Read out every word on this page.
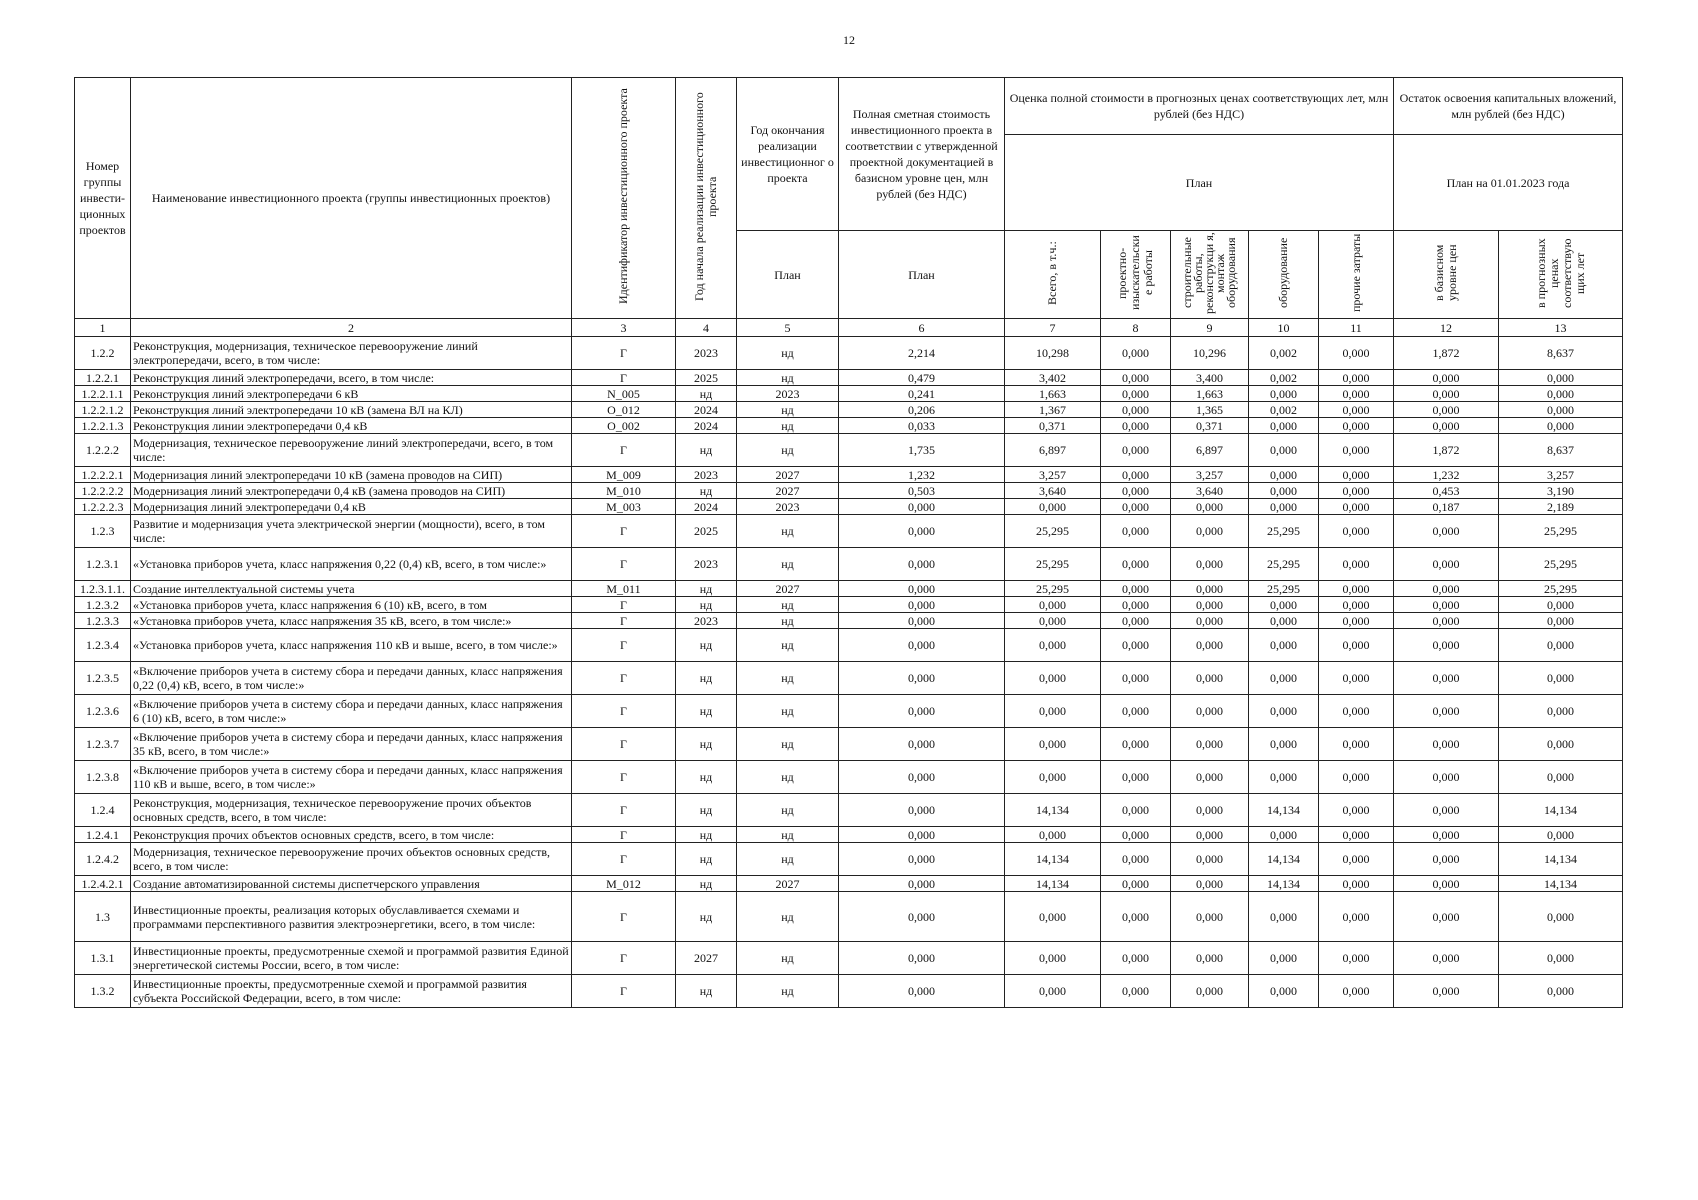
12
Номер группы инвести-ционных проектов	Наименование инвестиционного проекта (группы инвестиционных проектов)	Идентификатор инвестиционного проекта	Год начала реализации инвестиционного проекта	Год окончания реализации инвестиционног о проекта	Полная сметная стоимость инвестиционного проекта в соответствии с утвержденной проектной документацией в базисном уровне цен, млн рублей (без НДС)	Оценка полной стоимости в прогнозных ценах соответствующих лет, млн рублей (без НДС)					Остаток освоения капитальных вложений, млн рублей (без НДС)	
						План					План на 01.01.2023 года	
				План	План	Всего, в т.ч.:	проектно-изыскательски е работы	строительные работы, реконструкци я, монтаж оборудования	оборудование	прочие затраты	в базисном уровне цен	в прогнозных ценах соответствую щих лет
1	2	3	4	5	6	7	8	9	10	11	12	13
1.2.2	Реконструкция, модернизация, техническое перевооружение линий электропередачи, всего, в том числе:	Г	2023	нд	2,214	10,298	0,000	10,296	0,002	0,000	1,872	8,637
1.2.2.1	Реконструкция линий электропередачи, всего, в том числе:	Г	2025	нд	0,479	3,402	0,000	3,400	0,002	0,000	0,000	0,000
1.2.2.1.1	Реконструкция линий электропередачи 6 кВ	N_005	нд	2023	0,241	1,663	0,000	1,663	0,000	0,000	0,000	0,000
1.2.2.1.2	Реконструкция линий электропередачи 10 кВ (замена ВЛ на КЛ)	O_012	2024	нд	0,206	1,367	0,000	1,365	0,002	0,000	0,000	0,000
1.2.2.1.3	Реконструкция линии электропередачи 0,4 кВ	O_002	2024	нд	0,033	0,371	0,000	0,371	0,000	0,000	0,000	0,000
1.2.2.2	Модернизация, техническое перевооружение линий электропередачи, всего, в том числе:	Г	нд	нд	1,735	6,897	0,000	6,897	0,000	0,000	1,872	8,637
1.2.2.2.1	Модернизация линий электропередачи 10 кВ (замена проводов на СИП)	M_009	2023	2027	1,232	3,257	0,000	3,257	0,000	0,000	1,232	3,257
1.2.2.2.2	Модернизация линий электропередачи 0,4 кВ (замена проводов на СИП)	M_010	нд	2027	0,503	3,640	0,000	3,640	0,000	0,000	0,453	3,190
1.2.2.2.3	Модернизация линий электропередачи 0,4 кВ	M_003	2024	2023	0,000	0,000	0,000	0,000	0,000	0,000	0,187	2,189
1.2.3	Развитие и модернизация учета электрической энергии (мощности), всего, в том числе:	Г	2025	нд	0,000	25,295	0,000	0,000	25,295	0,000	0,000	25,295
1.2.3.1	«Установка приборов учета, класс напряжения 0,22 (0,4) кВ, всего, в том числе:»	Г	2023	нд	0,000	25,295	0,000	0,000	25,295	0,000	0,000	25,295
1.2.3.1.1.	Создание интеллектуальной системы учета	M_011	нд	2027	0,000	25,295	0,000	0,000	25,295	0,000	0,000	25,295
1.2.3.2	«Установка приборов учета, класс напряжения 6 (10) кВ, всего, в том	Г	нд	нд	0,000	0,000	0,000	0,000	0,000	0,000	0,000	0,000
1.2.3.3	«Установка приборов учета, класс напряжения 35 кВ, всего, в том числе:»	Г	2023	нд	0,000	0,000	0,000	0,000	0,000	0,000	0,000	0,000
1.2.3.4	«Установка приборов учета, класс напряжения 110 кВ и выше, всего, в том числе:»	Г	нд	нд	0,000	0,000	0,000	0,000	0,000	0,000	0,000	0,000
1.2.3.5	«Включение приборов учета в систему сбора и передачи данных, класс напряжения 0,22 (0,4) кВ, всего, в том числе:»	Г	нд	нд	0,000	0,000	0,000	0,000	0,000	0,000	0,000	0,000
1.2.3.6	«Включение приборов учета в систему сбора и передачи данных, класс напряжения 6 (10) кВ, всего, в том числе:»	Г	нд	нд	0,000	0,000	0,000	0,000	0,000	0,000	0,000	0,000
1.2.3.7	«Включение приборов учета в систему сбора и передачи данных, класс напряжения 35 кВ, всего, в том числе:»	Г	нд	нд	0,000	0,000	0,000	0,000	0,000	0,000	0,000	0,000
1.2.3.8	«Включение приборов учета в систему сбора и передачи данных, класс напряжения 110 кВ и выше, всего, в том числе:»	Г	нд	нд	0,000	0,000	0,000	0,000	0,000	0,000	0,000	0,000
1.2.4	Реконструкция, модернизация, техническое перевооружение прочих объектов основных средств, всего, в том числе:	Г	нд	нд	0,000	14,134	0,000	0,000	14,134	0,000	0,000	14,134
1.2.4.1	Реконструкция прочих объектов основных средств, всего, в том числе:	Г	нд	нд	0,000	0,000	0,000	0,000	0,000	0,000	0,000	0,000
1.2.4.2	Модернизация, техническое перевооружение прочих объектов основных средств, всего, в том числе:	Г	нд	нд	0,000	14,134	0,000	0,000	14,134	0,000	0,000	14,134
1.2.4.2.1	Создание автоматизированной системы диспетчерского управления	M_012	нд	2027	0,000	14,134	0,000	0,000	14,134	0,000	0,000	14,134
1.3	Инвестиционные проекты, реализация которых обуславливается схемами и программами перспективного развития электроэнергетики, всего, в том числе:	Г	нд	нд	0,000	0,000	0,000	0,000	0,000	0,000	0,000	0,000
1.3.1	Инвестиционные проекты, предусмотренные схемой и программой развития Единой энергетической системы России, всего, в том числе:	Г	2027	нд	0,000	0,000	0,000	0,000	0,000	0,000	0,000	0,000
1.3.2	Инвестиционные проекты, предусмотренные схемой и программой развития субъекта Российской Федерации, всего, в том числе:	Г	нд	нд	0,000	0,000	0,000	0,000	0,000	0,000	0,000	0,000
